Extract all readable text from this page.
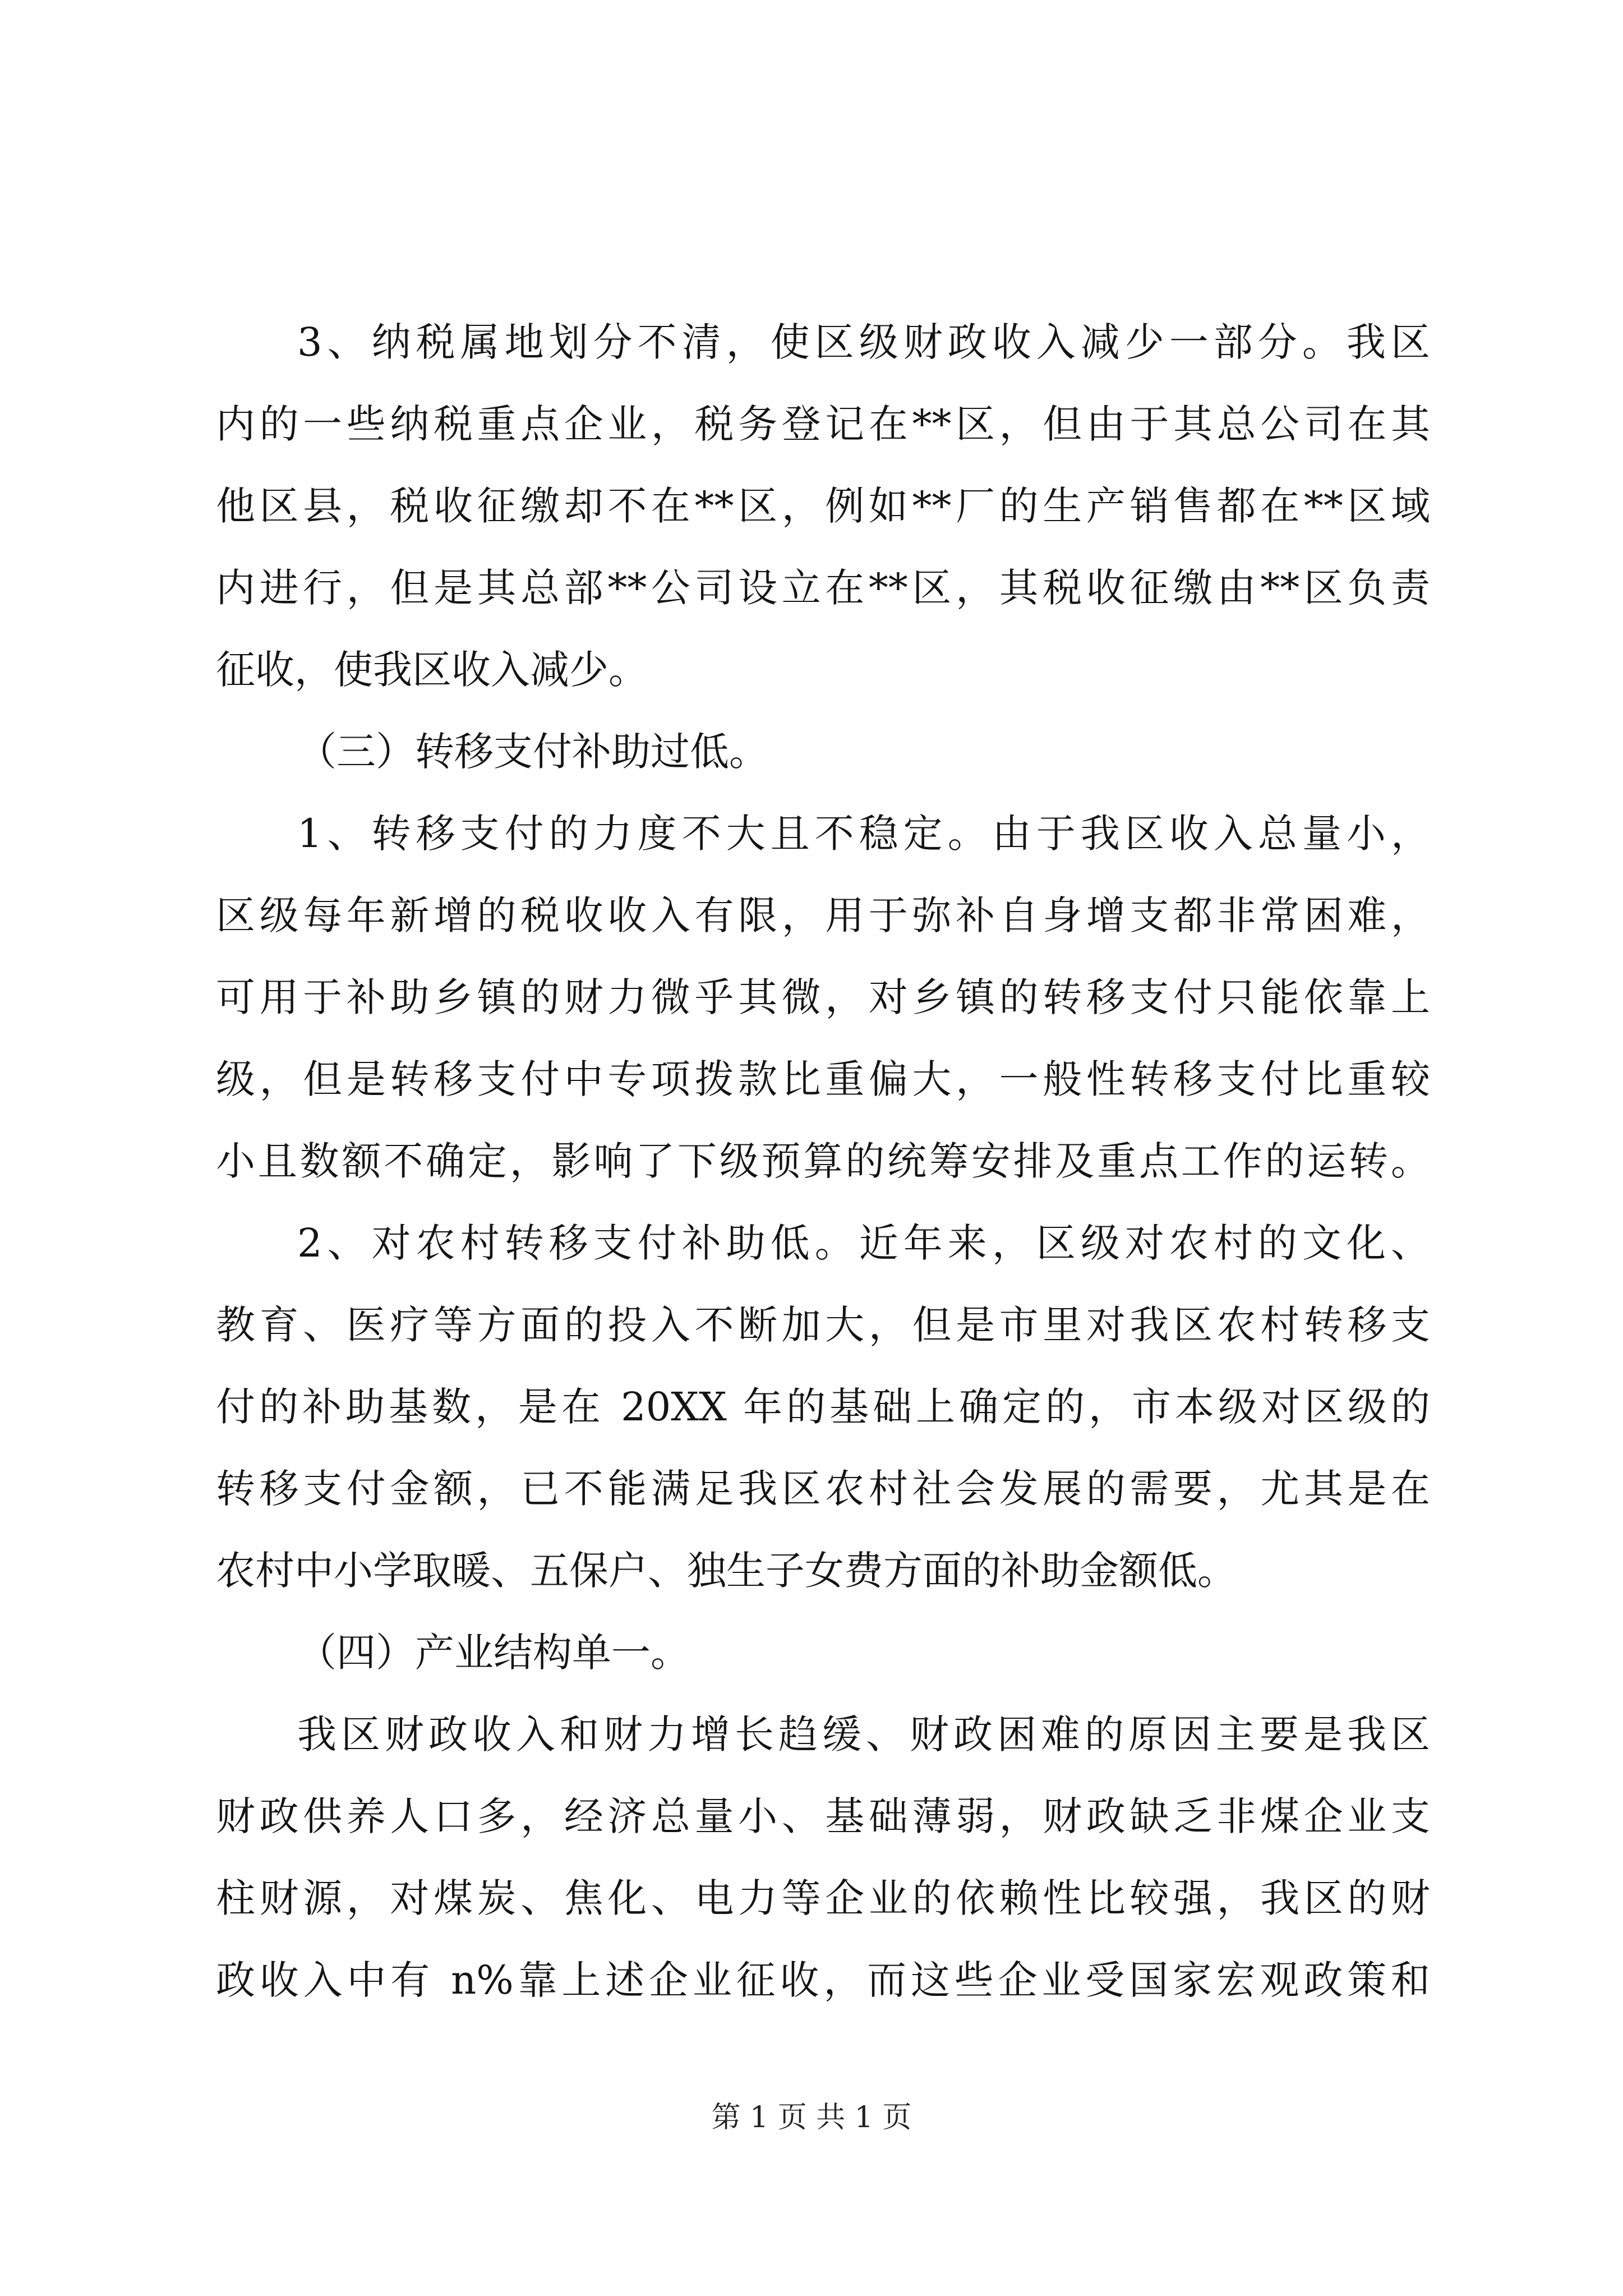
3、纳税属地划分不清，使区级财政收入减少一部分。我区
内的一些纳税重点企业，税务登记在**区，但由于其总公司在其
他区县，税收征缴却不在**区，例如**厂的生产销售都在**区域
内进行，但是其总部**公司设立在**区，其税收征缴由**区负责
征收，使我区收入减少。
（三）转移支付补助过低。
1、转移支付的力度不大且不稳定。由于我区收入总量小，
区级每年新增的税收收入有限，用于弥补自身增支都非常困难，
可用于补助乡镇的财力微乎其微，对乡镇的转移支付只能依靠上
级，但是转移支付中专项拨款比重偏大，一般性转移支付比重较
小且数额不确定，影响了下级预算的统筹安排及重点工作的运转。
2、对农村转移支付补助低。近年来，区级对农村的文化、
教育、医疗等方面的投入不断加大，但是市里对我区农村转移支
付的补助基数，是在 20XX 年的基础上确定的，市本级对区级的
转移支付金额，已不能满足我区农村社会发展的需要，尤其是在
农村中小学取暖、五保户、独生子女费方面的补助金额低。
（四）产业结构单一。
我区财政收入和财力增长趋缓、财政困难的原因主要是我区
财政供养人口多，经济总量小、基础薄弱，财政缺乏非煤企业支
柱财源，对煤炭、焦化、电力等企业的依赖性比较强，我区的财
政收入中有 n%靠上述企业征收，而这些企业受国家宏观政策和
第 1 页 共 1 页
